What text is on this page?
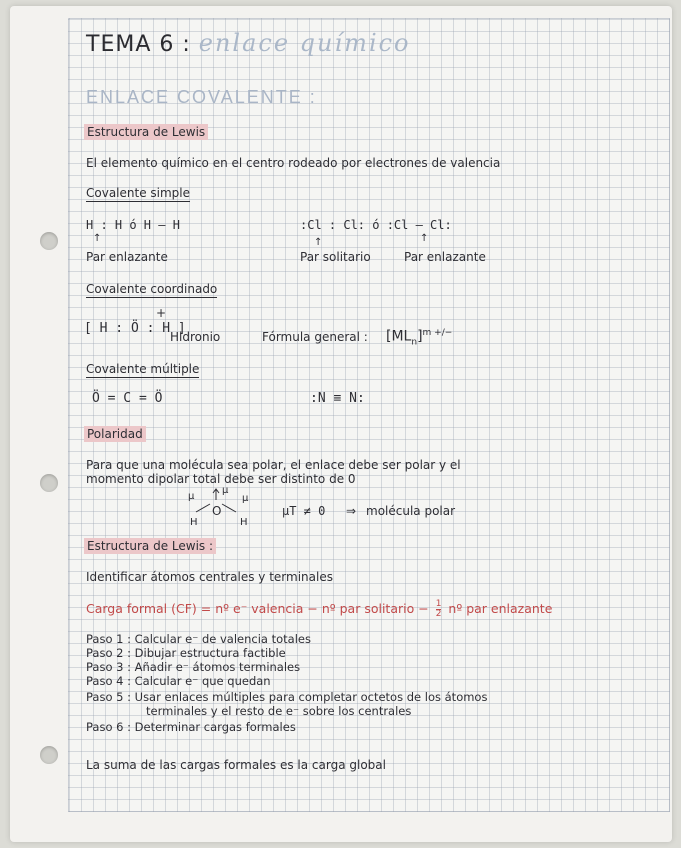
TEMA 6 : enlace químico
ENLACE COVALENTE :
Estructura de Lewis
El elemento químico en el centro rodeado por electrones de valencia
Covalente simple
H : H ó H — H	:Cl : Cl: ó :Cl — Cl:
↑	↑	↑
Par enlazante	Par solitario	Par enlazante
Covalente coordinado
[ H : Ö : H ]
+
Hidronio	Fórmula general : $[ML_n]^{m +/-}$
Covalente múltiple
Ö = C = Ö	:N ≡ N:
Polaridad
Para que una molécula sea polar, el enlace debe ser polar y el
momento dipolar total debe ser distinto de 0
μ
μ
μ
O
H	H
μT ≠ 0 ⇒ molécula polar
Estructura de Lewis :
Identificar átomos centrales y terminales
Carga formal (CF) = nº e⁻ valencia − nº par solitario − $\frac{1}{2}$ nº par enlazante
Paso 1 : Calcular e⁻ de valencia totales
Paso 2 : Dibujar estructura factible
Paso 3 : Añadir e⁻ átomos terminales
Paso 4 : Calcular e⁻ que quedan
Paso 5 : Usar enlaces múltiples para completar octetos de los átomos
terminales y el resto de e⁻ sobre los centrales
Paso 6 : Determinar cargas formales
La suma de las cargas formales es la carga global
